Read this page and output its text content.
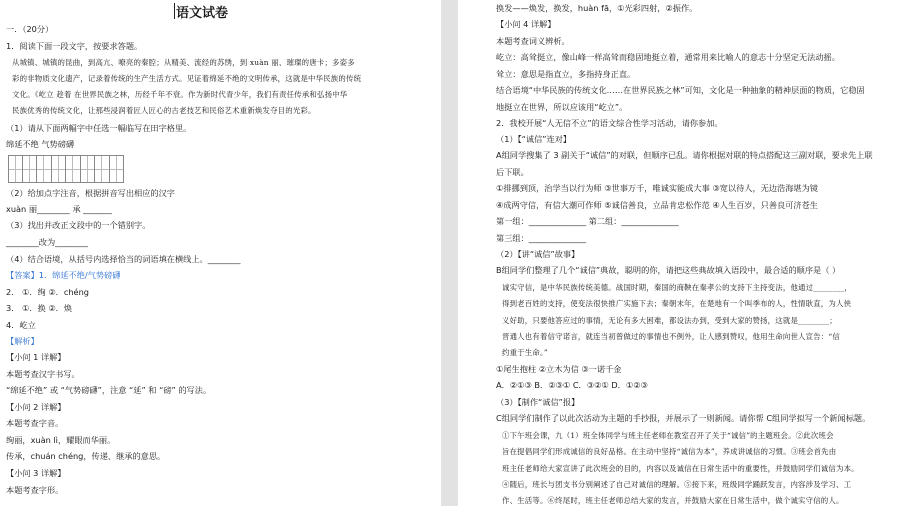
语文试卷
一．（20分）
1．阅读下面一段文字，按要求答题。
从城镇、城镇的昆曲，到高亢、嘹亮的秦腔；从精美、流经的苏绣，到 xuàn 丽、璀璨的唐卡；多姿多
彩的非物质文化遗产，记录着传统的生产生活方式。见证着绵延不绝的文明传承，这就是中华民族的传统
文化。《屹立 趁着 在世界民族之林，历经千年不衰。作为新时代青少年，我们有责任传承和弘扬中华
民族优秀的传统文化，让那些浸润着匠人匠心的古老技艺和民俗艺术重新焕发夺目的光彩。
（1）请从下面两幅字中任选一幅临写在田字格里。
绵延不绝 气势磅礴
（2）给加点字注音，根据拼音写出相应的汉字
xuàn 丽________ 承 _______
（3）找出并改正文段中的一个错别字。
________改为________
（4）结合语境，从括号内选择恰当的词语填在横线上。________
【答案】1．绵延不绝/气势磅礴
2． ①．绚 ②．chéng
3． ①．换 ②．焕
4．屹立
【解析】
【小问 1 详解】
本题考查汉字书写。
“绵延不绝” 或 “气势磅礴”，注意 “延” 和 “磅” 的写法。
【小问 2 详解】
本题考查字音。
绚丽，xuàn lì，耀眼而华丽。
传承，chuán chéng，传递、继承的意思。
【小问 3 详解】
本题考查字形。
换发——焕发，换发，huàn fā，①光彩四射，②振作。
【小问 4 详解】
本题考查词义辨析。
屹立：高耸挺立，像山峰一样高耸而稳固地挺立着，通常用来比喻人的意志十分坚定无法动摇。
耸立：意思是指直立，多指持身正直。
结合语境“中华民族的传统文化……在世界民族之林”可知，文化是一种抽象的精神层面的物质，它稳固
地挺立在世界，所以应该用“屹立”。
2．我校开展“人无信不立”的语文综合性学习活动，请你参加。
（1）【“诚信”连对】
A组同学搜集了 3 副关于“诚信”的对联，但顺序已乱。请你根据对联的特点搭配这三副对联，要求先上联
后下联。
①排挪到顶，治学当以行为师 ③世事万千，唯诚实能成大事 ③宽以待人，无边浩海堪为镜
④成两守信，有信大潮可作师 ⑤诚信善良，立品肯忠松作范 ④人生百岁，只善良可济苍生
第一组：______________ 第二组：______________
第三组：______________
（2）【讲“诚信”故事】
B组同学们整理了几个“诚信”典故，聪明的你，请把这些典故填入语段中，最合适的顺序是（ ）
诚实守信，是中华民族传统美德。战国时期，秦国的商鞅在秦孝公的支持下主持变法，他通过________，
得到老百姓的支持，使变法很快推广实施下去；秦朝末年，在楚地有一个叫季布的人，性情耿直，为人侠
义好助，只要他答应过的事情，无论有多大困难，都设法办到，受到大家的赞扬，这就是________；
晋通人也有着信守诺言，就连当初曾做过的事情也不例外，让人感到赞叹，他用生命向世人宣告：“信
约重于生命。”
①尾生抱柱 ②立木为信 ③一诺千金
A．②①③ B．②③① C．③②① D．①②③
（3）【制作“诚信”报】
C组同学们制作了以此次活动为主题的手抄报，并展示了一则新闻。请你帮 C组同学拟写一个新闻标题。
①下午班会课，九（1）班全体同学与班主任老师在教室召开了关于“诚信”的主题班会。②此次班会
旨在提倡同学们形成诚信的良好品格。在主动中坚持“诚信为本”，养成讲诚信的习惯。③班会首先由
班主任老师给大家宣讲了此次班会的目的，内容以及诚信在日常生活中的重要性，并鼓励同学们诚信为本。
④随后，班长与团支书分别阐述了自己对诚信的理解。⑤接下来，班级同学踊跃发言，内容涉及学习、工
作、生活等。⑥终尾时，班主任老师总结大家的发言，并鼓励大家在日常生活中，做个诚实守信的人。
